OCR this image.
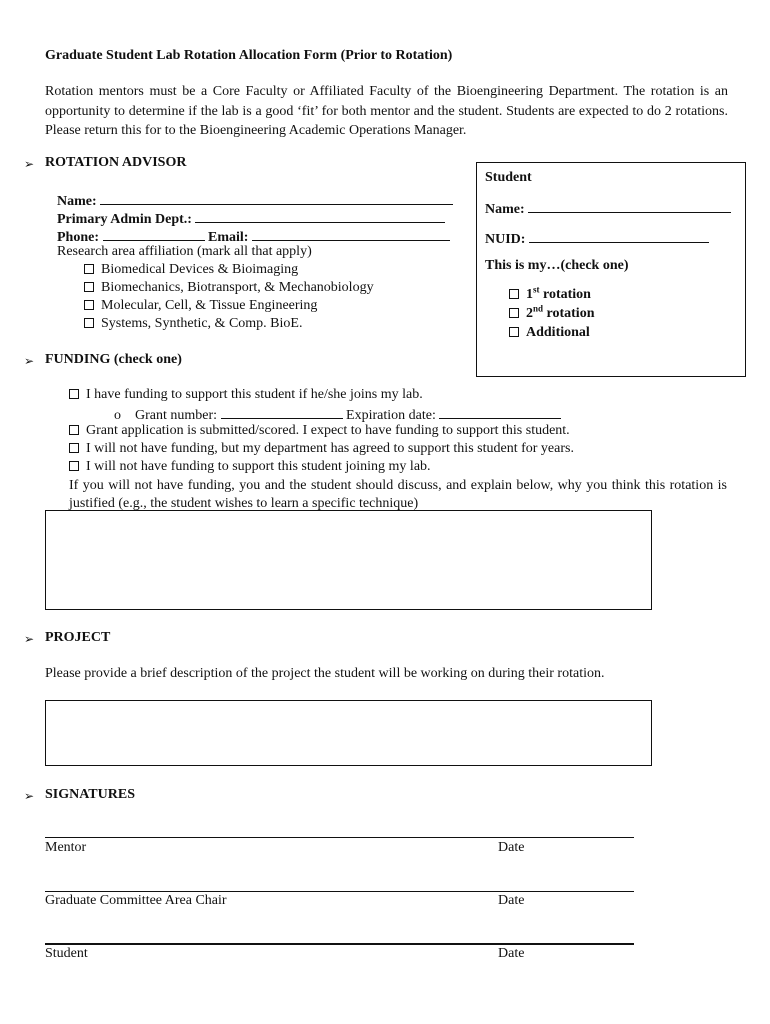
Graduate Student Lab Rotation Allocation Form (Prior to Rotation)
Rotation mentors must be a Core Faculty or Affiliated Faculty of the Bioengineering Department. The rotation is an opportunity to determine if the lab is a good ‘fit’ for both mentor and the student. Students are expected to do 2 rotations. Please return this for to the Bioengineering Academic Operations Manager.
➢ ROTATION ADVISOR
Name:
Primary Admin Dept.:
Phone:	Email:
Research area affiliation (mark all that apply)
Biomedical Devices & Bioimaging
Biomechanics, Biotransport, & Mechanobiology
Molecular, Cell, & Tissue Engineering
Systems, Synthetic, & Comp. BioE.
Student
Name:
NUID:
This is my…(check one)
1st rotation
2nd rotation
Additional
➢ FUNDING (check one)
I have funding to support this student if he/she joins my lab.
o Grant number:	Expiration date:
Grant application is submitted/scored. I expect to have funding to support this student.
I will not have funding, but my department has agreed to support this student for years.
I will not have funding to support this student joining my lab.
If you will not have funding, you and the student should discuss, and explain below, why you think this rotation is justified (e.g., the student wishes to learn a specific technique)
➢ PROJECT
Please provide a brief description of the project the student will be working on during their rotation.
➢ SIGNATURES
Mentor	Date
Graduate Committee Area Chair	Date
Student	Date
